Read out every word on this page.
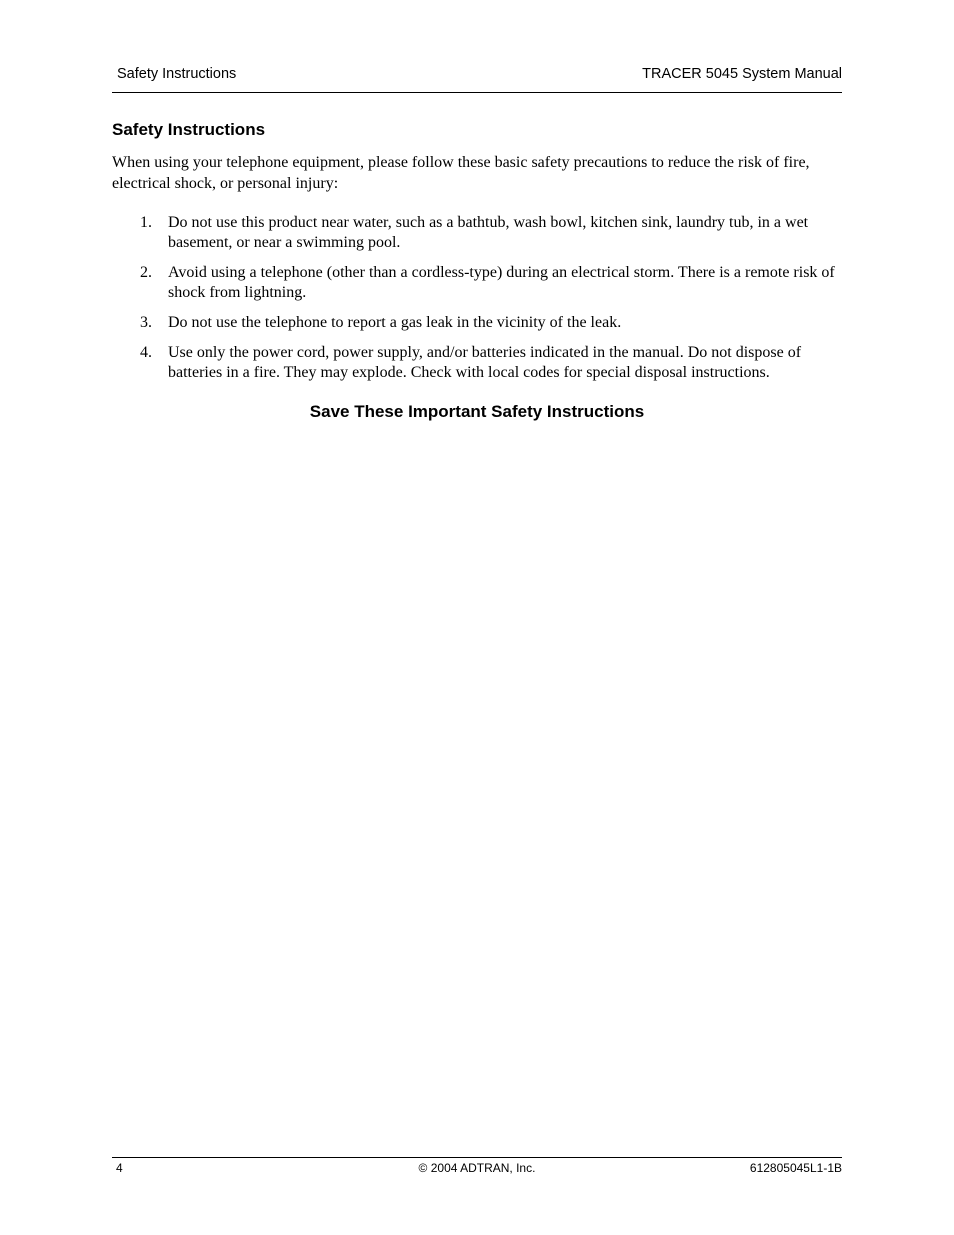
Safety Instructions	TRACER 5045 System Manual
Safety Instructions

When using your telephone equipment, please follow these basic safety precautions to reduce the risk of fire, electrical shock, or personal injury:

1. Do not use this product near water, such as a bathtub, wash bowl, kitchen sink, laundry tub, in a wet basement, or near a swimming pool.
2. Avoid using a telephone (other than a cordless-type) during an electrical storm. There is a remote risk of shock from lightning.
3. Do not use the telephone to report a gas leak in the vicinity of the leak.
4. Use only the power cord, power supply, and/or batteries indicated in the manual. Do not dispose of batteries in a fire. They may explode. Check with local codes for special disposal instructions.

Save These Important Safety Instructions

4	© 2004 ADTRAN, Inc.	612805045L1-1B
